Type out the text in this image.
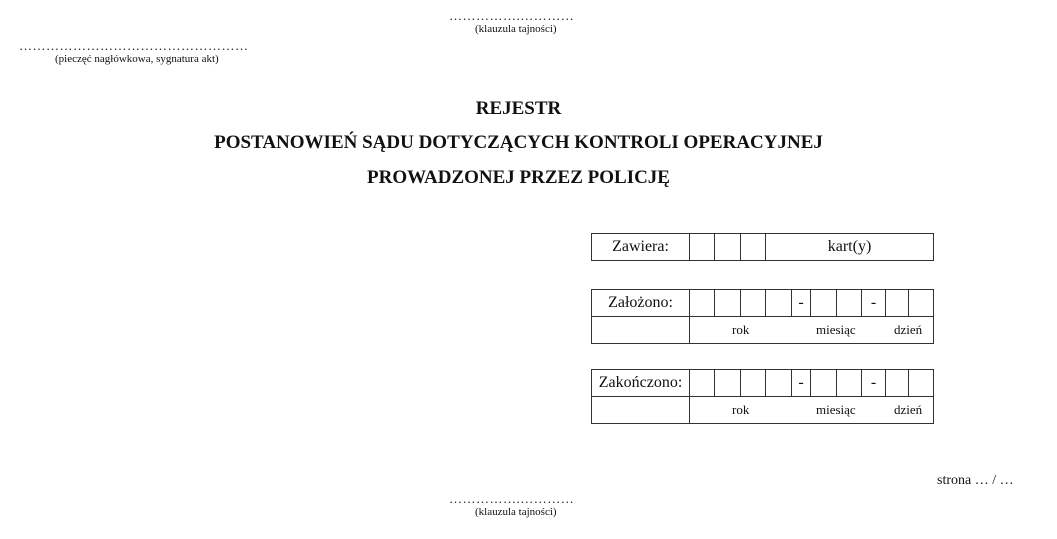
…………….…………
(klauzula tajności)
……………………………………………
(pieczęć nagłówkowa, sygnatura akt)
REJESTR
POSTANOWIEŃ SĄDU DOTYCZĄCYCH KONTROLI OPERACYJNEJ
PROWADZONEJ PRZEZ POLICJĘ
Zawiera:				kart(y)
Założono:					-			-		

	rok miesiąc dzień									
Zakończono:					-			-		

	rok miesiąc dzień									
strona … / …
…………….…………
(klauzula tajności)
